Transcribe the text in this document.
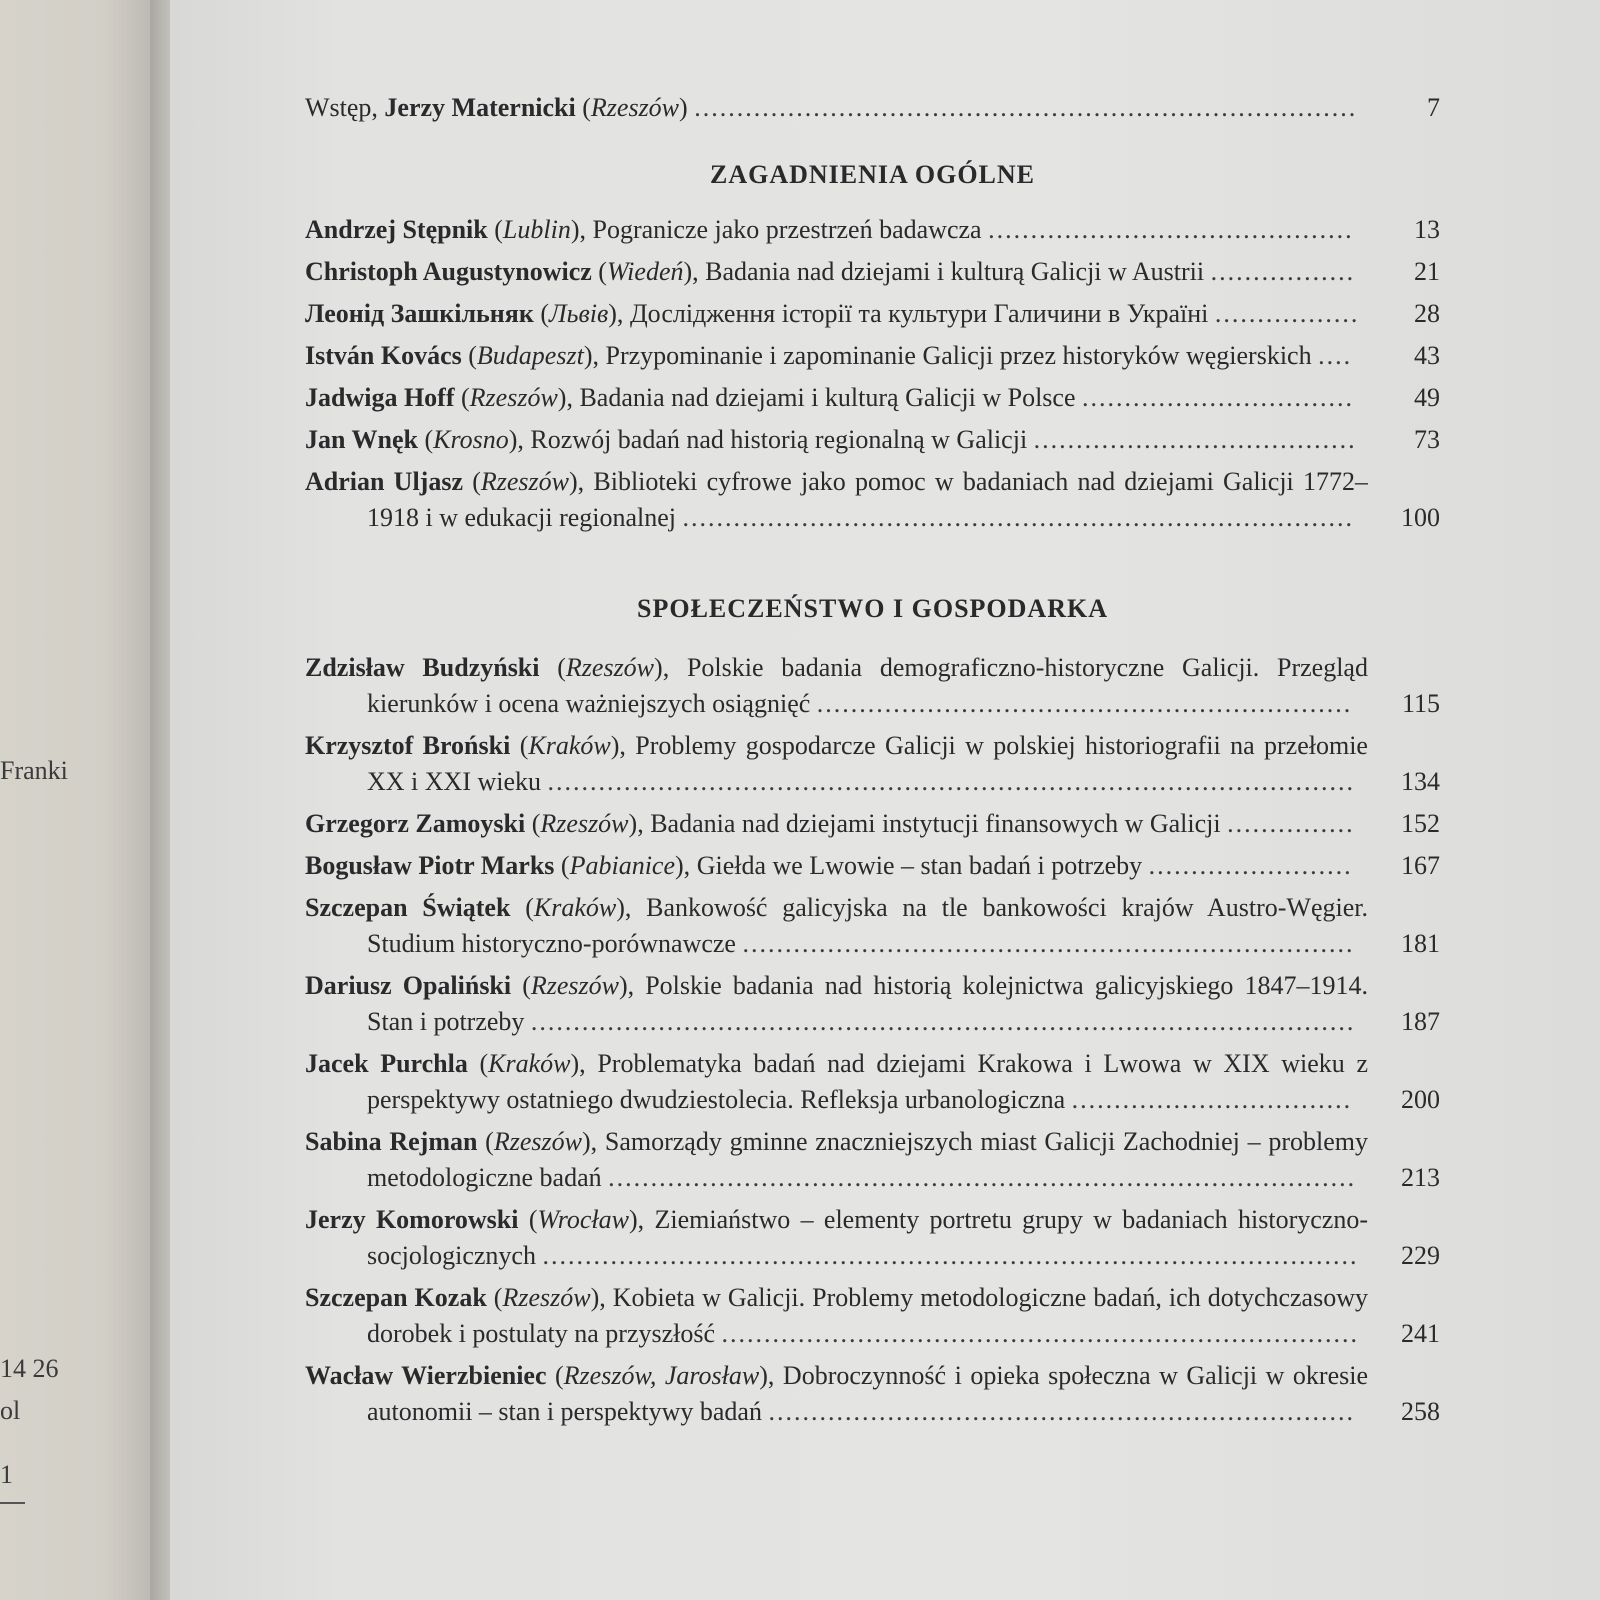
Franki
14 26
ol
1
Wstęp, Jerzy Maternicki (Rzeszów) ..............................................................................	7
ZAGADNIENIA OGÓLNE
Andrzej Stępnik (Lublin), Pogranicze jako przestrzeń badawcza ...........................................	13
Christoph Augustynowicz (Wiedeń), Badania nad dziejami i kulturą Galicji w Austrii .................	21
Леонід Зашкільняк (Львів), Дослідження історії та культури Галичини в Україні .................	28
István Kovács (Budapeszt), Przypominanie i zapominanie Galicji przez historyków węgierskich ....	43
Jadwiga Hoff (Rzeszów), Badania nad dziejami i kulturą Galicji w Polsce ................................	49
Jan Wnęk (Krosno), Rozwój badań nad historią regionalną w Galicji ......................................	73
Adrian Uljasz (Rzeszów), Biblioteki cyfrowe jako pomoc w badaniach nad dziejami Galicji 1772–1918 i w edukacji regionalnej ...............................................................................	100
SPOŁECZEŃSTWO I GOSPODARKA
Zdzisław Budzyński (Rzeszów), Polskie badania demograficzno-historyczne Galicji. Przegląd kierunków i ocena ważniejszych osiągnięć ...............................................................	115
Krzysztof Broński (Kraków), Problemy gospodarcze Galicji w polskiej historiografii na przełomie XX i XXI wieku ...............................................................................................	134
Grzegorz Zamoyski (Rzeszów), Badania nad dziejami instytucji finansowych w Galicji ...............	152
Bogusław Piotr Marks (Pabianice), Giełda we Lwowie – stan badań i potrzeby ........................	167
Szczepan Świątek (Kraków), Bankowość galicyjska na tle bankowości krajów Austro-Węgier. Studium historyczno-porównawcze ........................................................................	181
Dariusz Opaliński (Rzeszów), Polskie badania nad historią kolejnictwa galicyjskiego 1847–1914. Stan i potrzeby .................................................................................................	187
Jacek Purchla (Kraków), Problematyka badań nad dziejami Krakowa i Lwowa w XIX wieku z perspektywy ostatniego dwudziestolecia. Refleksja urbanologiczna .................................	200
Sabina Rejman (Rzeszów), Samorządy gminne znaczniejszych miast Galicji Zachodniej – problemy metodologiczne badań ........................................................................................	213
Jerzy Komorowski (Wrocław), Ziemiaństwo – elementy portretu grupy w badaniach historyczno-socjologicznych ................................................................................................	229
Szczepan Kozak (Rzeszów), Kobieta w Galicji. Problemy metodologiczne badań, ich dotychczasowy dorobek i postulaty na przyszłość ...........................................................................	241
Wacław Wierzbieniec (Rzeszów, Jarosław), Dobroczynność i opieka społeczna w Galicji w okresie autonomii – stan i perspektywy badań .....................................................................	258
